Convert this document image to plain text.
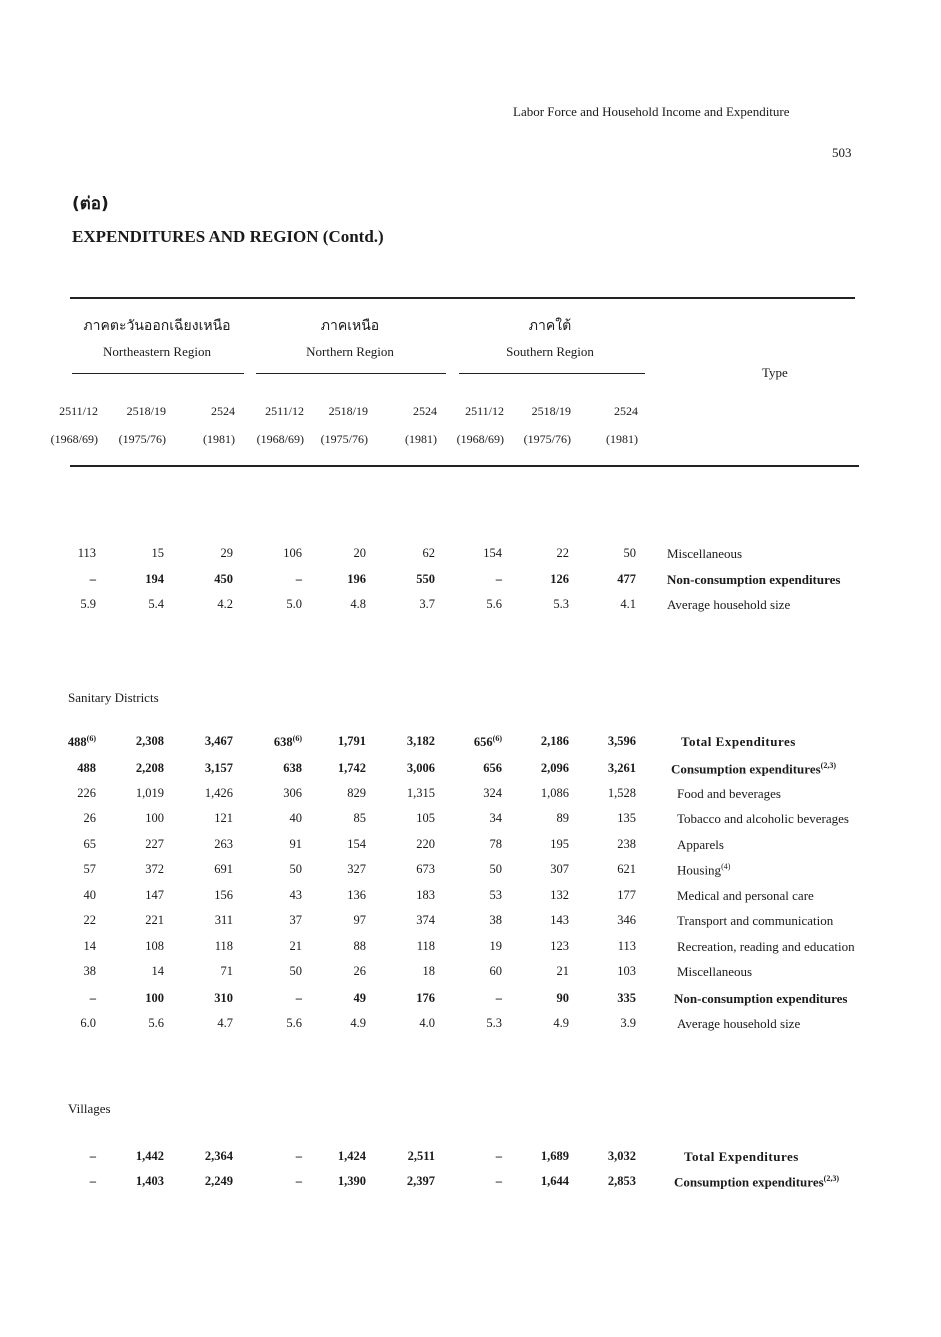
Labor Force and Household Income and Expenditure
503
(ต่อ)
EXPENDITURES AND REGION (Contd.)
ภาคตะวันออกเฉียงเหนือ
Northeastern Region
ภาคเหนือ
Northern Region
ภาคใต้
Southern Region
Type
2511/12	2518/19	2524	2511/12	2518/19	2524	2511/12	2518/19	2524
(1968/69)	(1975/76)	(1981)	(1968/69)	(1975/76)	(1981)	(1968/69)	(1975/76)	(1981)
Sanitary Districts
Villages
113	15	29	106	20	62	154	22	50 Miscellaneous
–	194	450	–	196	550	–	126	477 Non-consumption expenditures
5.9	5.4	4.2	5.0	4.8	3.7	5.6	5.3	4.1 Average household size
488$^{(6)}$	2,308	3,467	638$^{(6)}$	1,791	3,182	656$^{(6)}$	2,186	3,596	Total Expenditures
488	2,208	3,157	638	1,742	3,006	656	2,096	3,261	Consumption expenditures$^{(2,3)}$
226	1,019	1,426	306	829	1,315	324	1,086	1,528	Food and beverages
26	100	121	40	85	105	34	89	135	Tobacco and alcoholic beverages
65	227	263	91	154	220	78	195	238	Apparels
57	372	691	50	327	673	50	307	621	Housing$^{(4)}$
40	147	156	43	136	183	53	132	177	Medical and personal care
22	221	311	37	97	374	38	143	346	Transport and communication
14	108	118	21	88	118	19	123	113	Recreation, reading and education
38	14	71	50	26	18	60	21	103	Miscellaneous
–	100	310	–	49	176	–	90	335	Non-consumption expenditures
6.0	5.6	4.7	5.6	4.9	4.0	5.3	4.9	3.9	Average household size
–	1,442	2,364	–	1,424	2,511	–	1,689	3,032	Total Expenditures
–	1,403	2,249	–	1,390	2,397	–	1,644	2,853	Consumption expenditures$^{(2,3)}$
